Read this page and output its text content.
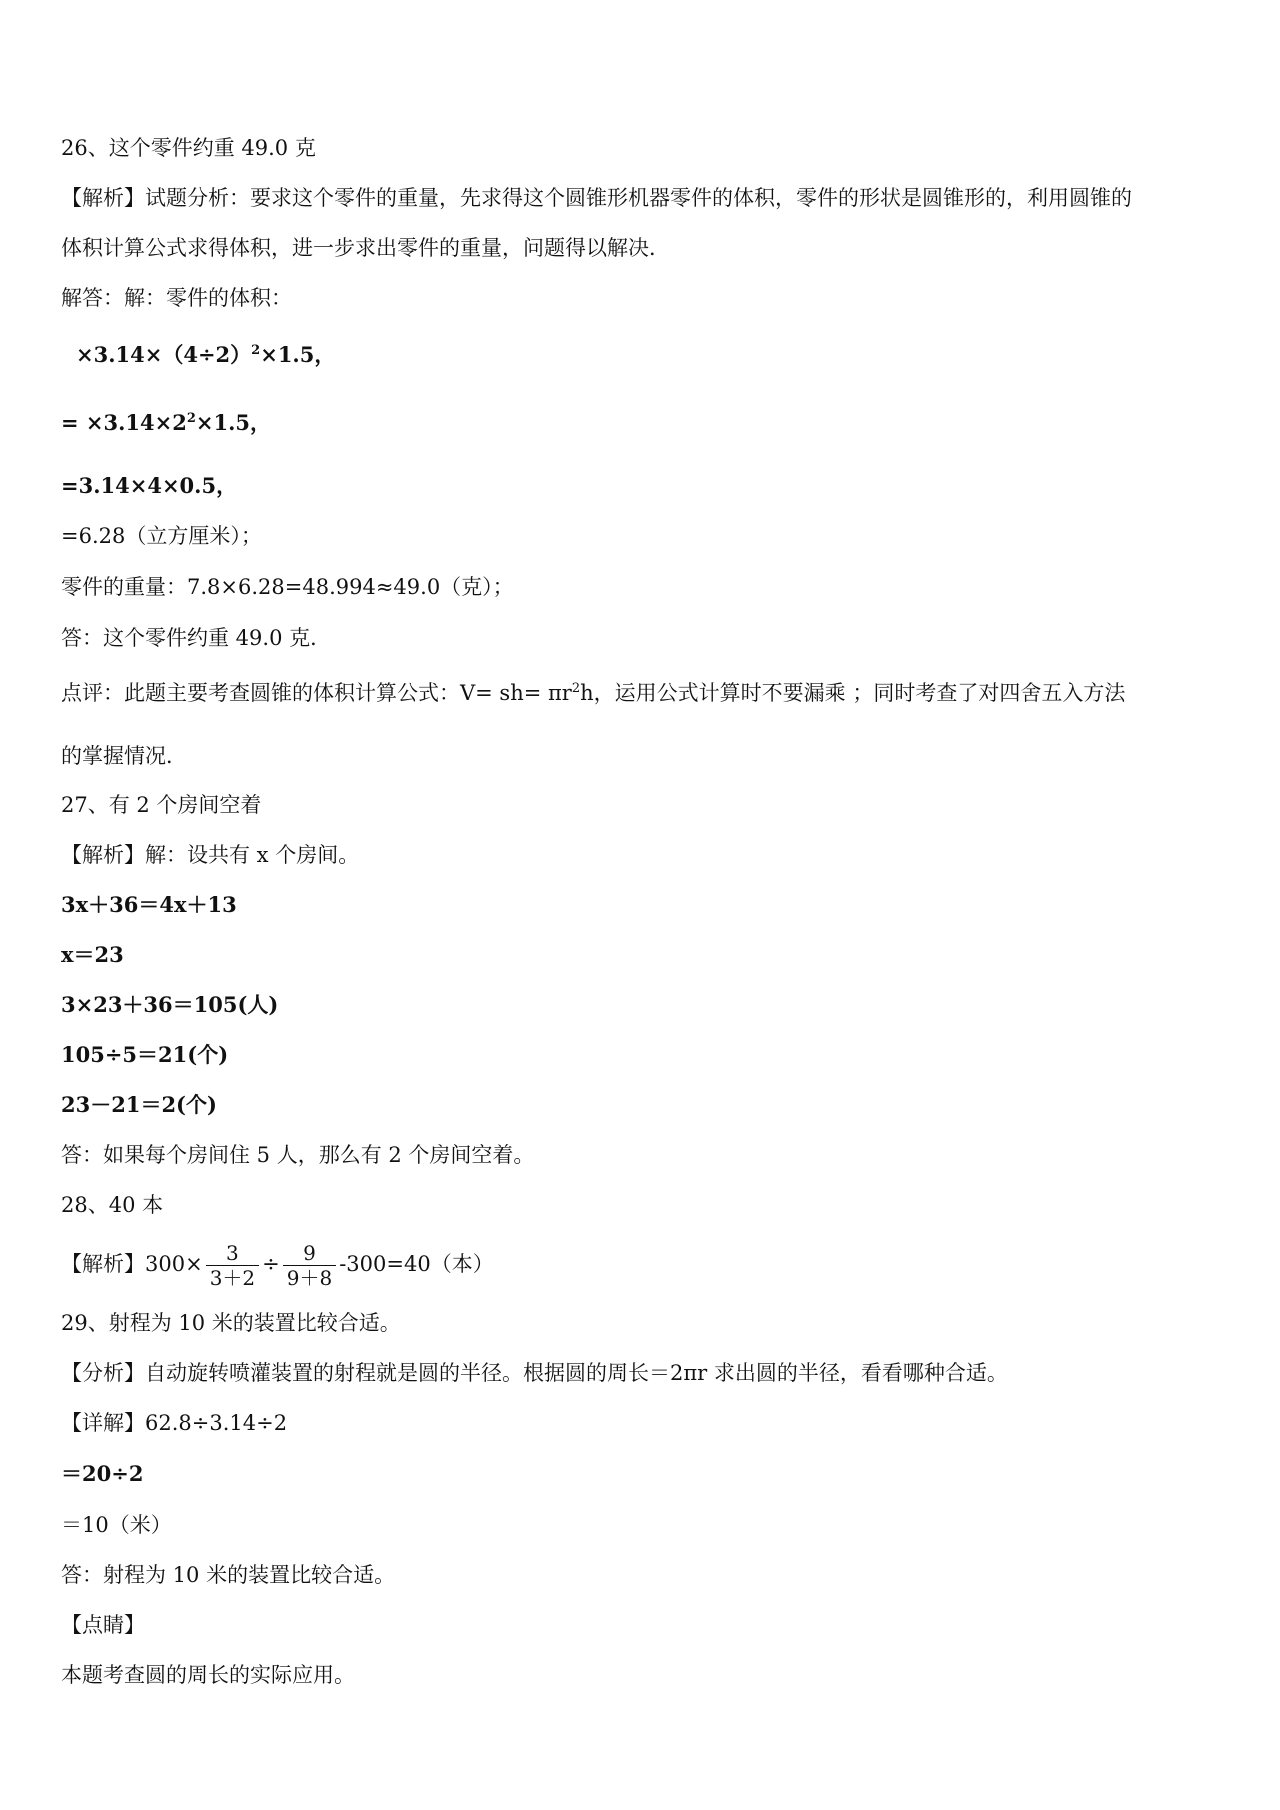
26、这个零件约重 49.0 克
【解析】试题分析：要求这个零件的重量，先求得这个圆锥形机器零件的体积，零件的形状是圆锥形的，利用圆锥的
体积计算公式求得体积，进一步求出零件的重量，问题得以解决．
解答：解：零件的体积：
$\times 3.14\times(4\div 2)^2\times 1.5$，
= $\times 3.14\times 2^2\times 1.5$，
=3.14×4×0.5，
=6.28（立方厘米）；
零件的重量：7.8×6.28=48.994≈49.0（克）；
答：这个零件约重 49.0 克．
点评：此题主要考查圆锥的体积计算公式：$V= sh= \pi r^2h$，运用公式计算时不要漏乘 ；同时考查了对四舍五入方法
的掌握情况．
27、有 2 个房间空着
【解析】解：设共有 x 个房间。
3x＋36＝4x＋13
x＝23
3×23＋36＝105(人)
105÷5＝21(个)
23－21＝2(个)
答：如果每个房间住 5 人，那么有 2 个房间空着。
28、40 本
【解析】$300\times \frac{3}{3+2} \div \frac{9}{9+8} -300=40$（本）
29、射程为 10 米的装置比较合适。
【分析】自动旋转喷灌装置的射程就是圆的半径。根据圆的周长＝2πr 求出圆的半径，看看哪种合适。
【详解】62.8÷3.14÷2
＝20÷2
＝10（米）
答：射程为 10 米的装置比较合适。
【点睛】
本题考查圆的周长的实际应用。
